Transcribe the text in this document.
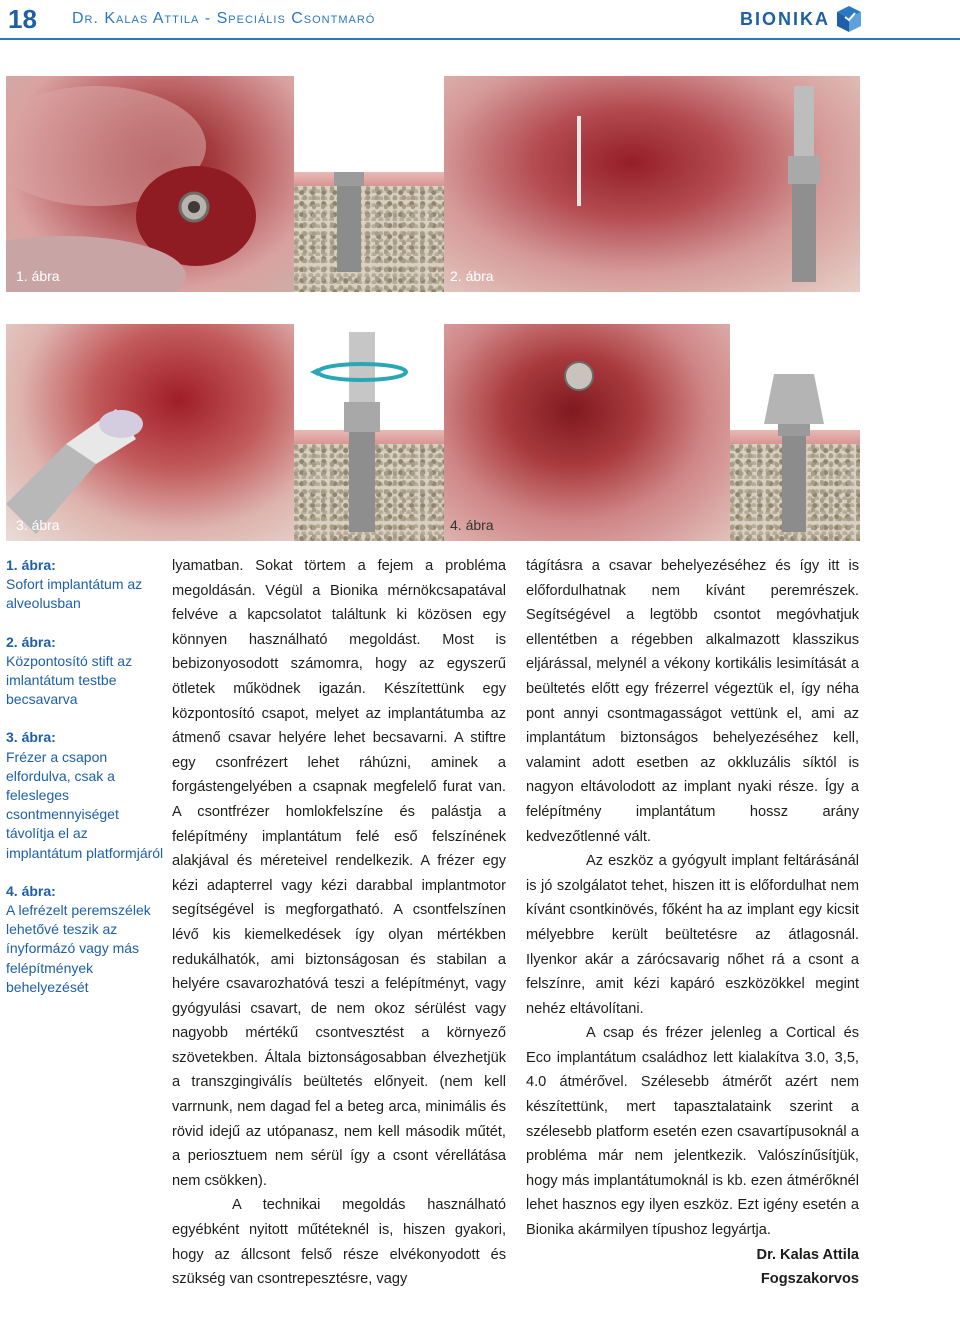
18 Dr. Kalas Attila - Speciális Csontmaró	BIONIKA
1. ábra	2. ábra
3. ábra	4. ábra
1. ábra:
Sofort implantátum az alveolusban
2. ábra:
Központosító stift az imlantátum testbe becsavarva
3. ábra:
Frézer a csapon elfordulva, csak a felesleges csontmennyiséget távolítja el az implantátum platformjáról
4. ábra:
A lefrézelt peremszélek lehetővé teszik az ínyformázó vagy más felépítmények behelyezését

lyamatban. Sokat törtem a fejem a probléma megoldásán. Végül a Bionika mérnökcsapatával felvéve a kapcsolatot találtunk ki közösen egy könnyen használható megoldást. Most is bebizonyosodott számomra, hogy az egyszerű ötletek működnek igazán. Készítettünk egy központosító csapot, melyet az implantátumba az átmenő csavar helyére lehet becsavarni. A stiftre egy csonfrézert lehet ráhúzni, aminek a forgástengelyében a csapnak megfelelő furat van. A csontfrézer homlokfelszíne és palástja a felépítmény implantátum felé eső felszínének alakjával és méreteivel rendelkezik. A frézer egy kézi adapterrel vagy kézi darabbal implantmotor segítségével is megforgatható. A csontfelszínen lévő kis kiemelkedések így olyan mértékben redukálhatók, ami biztonságosan és stabilan a helyére csavarozhatóvá teszi a felépítményt, vagy gyógyulási csavart, de nem okoz sérülést vagy nagyobb mértékű csontvesztést a környező szövetekben. Általa biztonságosabban élvezhetjük a transzgingiválís beültetés előnyeit. (nem kell varrnunk, nem dagad fel a beteg arca, minimális és rövid idejű az utópanasz, nem kell második műtét, a periosztuem nem sérül így a csont vérellátása nem csökken).

A technikai megoldás használható egyébként nyitott műtéteknél is, hiszen gyakori, hogy az állcsont felső része elvékonyodott és szükség van csontrepesztésre, vagy

tágításra a csavar behelyezéséhez és így itt is előfordulhatnak nem kívánt peremrészek. Segítségével a legtöbb csontot megóvhatjuk ellentétben a régebben alkalmazott klasszikus eljárással, melynél a vékony kortikális lesimítását a beültetés előtt egy frézerrel végeztük el, így néha pont annyi csontmagasságot vettünk el, ami az implantátum biztonságos behelyezéséhez kell, valamint adott esetben az okkluzális síktól is nagyon eltávolodott az implant nyaki része. Így a felépítmény implantátum hossz arány kedvezőtlenné vált.

Az eszköz a gyógyult implant feltárásánál is jó szolgálatot tehet, hiszen itt is előfordulhat nem kívánt csontkinövés, főként ha az implant egy kicsit mélyebbre került beültetésre az átlagosnál. Ilyenkor akár a zárócsavarig nőhet rá a csont a felszínre, amit kézi kapáró eszközökkel megint nehéz eltávolítani.

A csap és frézer jelenleg a Cortical és Eco implantátum családhoz lett kialakítva 3.0, 3,5, 4.0 átmérővel. Szélesebb átmérőt azért nem készítettünk, mert tapasztalataink szerint a szélesebb platform esetén ezen csavartípusoknál a probléma már nem jelentkezik. Valószínűsítjük, hogy más implantátumoknál is kb. ezen átmérőknél lehet hasznos egy ilyen eszköz. Ezt igény esetén a Bionika akármilyen típushoz legyártja.

Dr. Kalas Attila

Fogszakorvos
